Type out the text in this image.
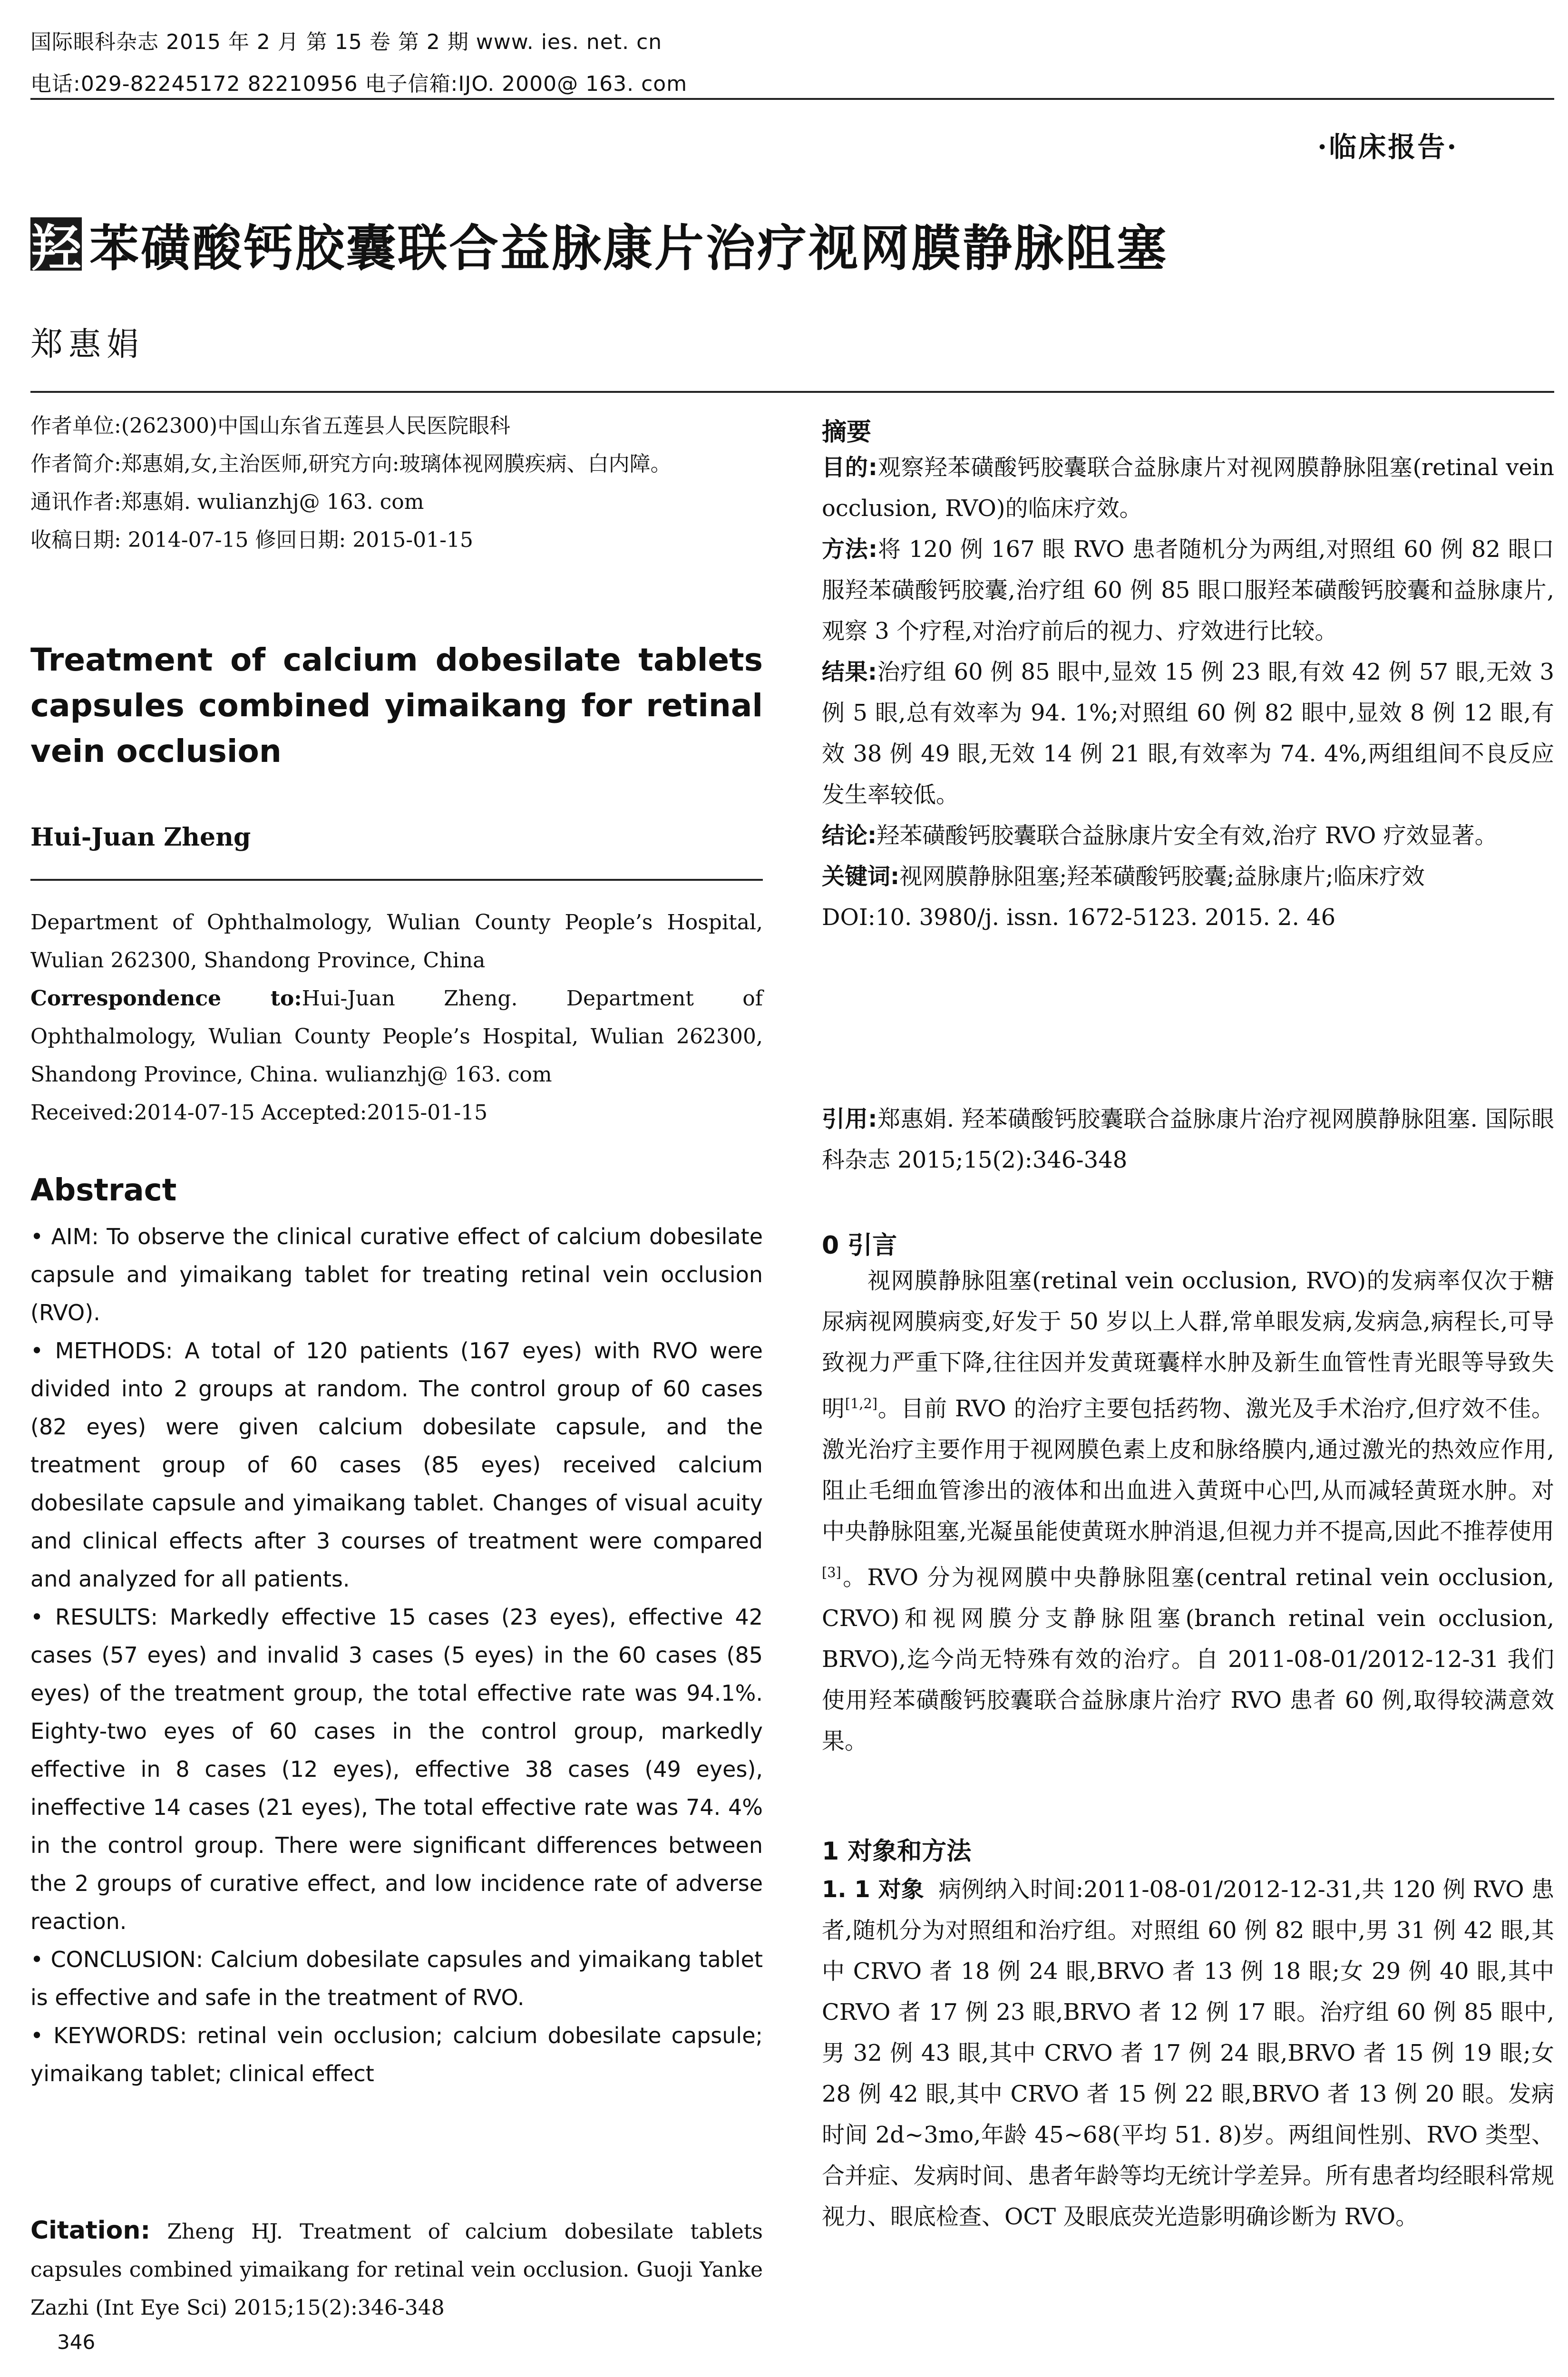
国际眼科杂志 2015 年 2 月 第 15 卷 第 2 期 www. ies. net. cn
电话:029-82245172 82210956 电子信箱:IJO. 2000@ 163. com
·临床报告·
羟 苯磺酸钙胶囊联合益脉康片治疗视网膜静脉阻塞
郑惠娟

作者单位:(262300)中国山东省五莲县人民医院眼科

作者简介:郑惠娟,女,主治医师,研究方向:玻璃体视网膜疾病、白内障。

通讯作者:郑惠娟. wulianzhj@ 163. com

收稿日期: 2014-07-15 修回日期: 2015-01-15

Treatment of calcium dobesilate tablets capsules combined yimaikang for retinal vein occlusion
Hui-Juan Zheng

Department of Ophthalmology, Wulian County People’s Hospital, Wulian 262300, Shandong Province, China

Correspondence to:Hui-Juan Zheng. Department of Ophthalmology, Wulian County People’s Hospital, Wulian 262300, Shandong Province, China. wulianzhj@ 163. com

Received:2014-07-15 Accepted:2015-01-15

Abstract

• AIM: To observe the clinical curative effect of calcium dobesilate capsule and yimaikang tablet for treating retinal vein occlusion (RVO).

• METHODS: A total of 120 patients (167 eyes) with RVO were divided into 2 groups at random. The control group of 60 cases (82 eyes) were given calcium dobesilate capsule, and the treatment group of 60 cases (85 eyes) received calcium dobesilate capsule and yimaikang tablet. Changes of visual acuity and clinical effects after 3 courses of treatment were compared and analyzed for all patients.

• RESULTS: Markedly effective 15 cases (23 eyes), effective 42 cases (57 eyes) and invalid 3 cases (5 eyes) in the 60 cases (85 eyes) of the treatment group, the total effective rate was 94.1%. Eighty-two eyes of 60 cases in the control group, markedly effective in 8 cases (12 eyes), effective 38 cases (49 eyes), ineffective 14 cases (21 eyes), The total effective rate was 74. 4% in the control group. There were significant differences between the 2 groups of curative effect, and low incidence rate of adverse reaction.

• CONCLUSION: Calcium dobesilate capsules and yimaikang tablet is effective and safe in the treatment of RVO.

• KEYWORDS: retinal vein occlusion; calcium dobesilate capsule; yimaikang tablet; clinical effect

Citation: Zheng HJ. Treatment of calcium dobesilate tablets capsules combined yimaikang for retinal vein occlusion. Guoji Yanke Zazhi (Int Eye Sci) 2015;15(2):346-348
摘要

目的:观察羟苯磺酸钙胶囊联合益脉康片对视网膜静脉阻塞(retinal vein occlusion, RVO)的临床疗效。

方法:将 120 例 167 眼 RVO 患者随机分为两组,对照组 60 例 82 眼口服羟苯磺酸钙胶囊,治疗组 60 例 85 眼口服羟苯磺酸钙胶囊和益脉康片,观察 3 个疗程,对治疗前后的视力、疗效进行比较。

结果:治疗组 60 例 85 眼中,显效 15 例 23 眼,有效 42 例 57 眼,无效 3 例 5 眼,总有效率为 94. 1%;对照组 60 例 82 眼中,显效 8 例 12 眼,有效 38 例 49 眼,无效 14 例 21 眼,有效率为 74. 4%,两组组间不良反应发生率较低。

结论:羟苯磺酸钙胶囊联合益脉康片安全有效,治疗 RVO 疗效显著。

关键词:视网膜静脉阻塞;羟苯磺酸钙胶囊;益脉康片;临床疗效

DOI:10. 3980/j. issn. 1672-5123. 2015. 2. 46

引用:郑惠娟. 羟苯磺酸钙胶囊联合益脉康片治疗视网膜静脉阻塞. 国际眼科杂志 2015;15(2):346-348

0 引言

视网膜静脉阻塞(retinal vein occlusion, RVO)的发病率仅次于糖尿病视网膜病变,好发于 50 岁以上人群,常单眼发病,发病急,病程长,可导致视力严重下降,往往因并发黄斑囊样水肿及新生血管性青光眼等导致失明[1,2]。目前 RVO 的治疗主要包括药物、激光及手术治疗,但疗效不佳。激光治疗主要作用于视网膜色素上皮和脉络膜内,通过激光的热效应作用,阻止毛细血管渗出的液体和出血进入黄斑中心凹,从而减轻黄斑水肿。对中央静脉阻塞,光凝虽能使黄斑水肿消退,但视力并不提高,因此不推荐使用[3]。RVO 分为视网膜中央静脉阻塞(central retinal vein occlusion, CRVO)和视网膜分支静脉阻塞(branch retinal vein occlusion, BRVO),迄今尚无特殊有效的治疗。自 2011-08-01/2012-12-31 我们使用羟苯磺酸钙胶囊联合益脉康片治疗 RVO 患者 60 例,取得较满意效果。

1 对象和方法

1. 1 对象 病例纳入时间:2011-08-01/2012-12-31,共 120 例 RVO 患者,随机分为对照组和治疗组。对照组 60 例 82 眼中,男 31 例 42 眼,其中 CRVO 者 18 例 24 眼,BRVO 者 13 例 18 眼;女 29 例 40 眼,其中 CRVO 者 17 例 23 眼,BRVO 者 12 例 17 眼。治疗组 60 例 85 眼中,男 32 例 43 眼,其中 CRVO 者 17 例 24 眼,BRVO 者 15 例 19 眼;女 28 例 42 眼,其中 CRVO 者 15 例 22 眼,BRVO 者 13 例 20 眼。发病时间 2d~3mo,年龄 45~68(平均 51. 8)岁。两组间性别、RVO 类型、合并症、发病时间、患者年龄等均无统计学差异。所有患者均经眼科常规视力、眼底检查、OCT 及眼底荧光造影明确诊断为 RVO。

346
